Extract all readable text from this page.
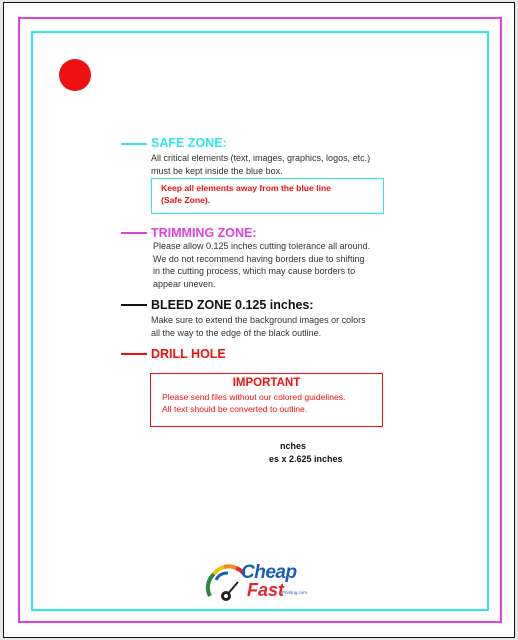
SAFE ZONE:
All critical elements (text, images, graphics, logos, etc.)
must be kept inside the blue box.
Keep all elements away from the blue line
(Safe Zone).
TRIMMING ZONE:
Please allow 0.125 inches cutting tolerance all around.
We do not recommend having borders due to shifting
in the cutting process, which may cause borders to
appear uneven.
BLEED ZONE 0.125 inches:
Make sure to extend the background images or colors
all the way to the edge of the black outline.
DRILL HOLE
IMPORTANT
Please send files without our colored guidelines.
All text should be converted to outline.
nches
es x 2.625 inches
Cheap
Fast
Printing.com
